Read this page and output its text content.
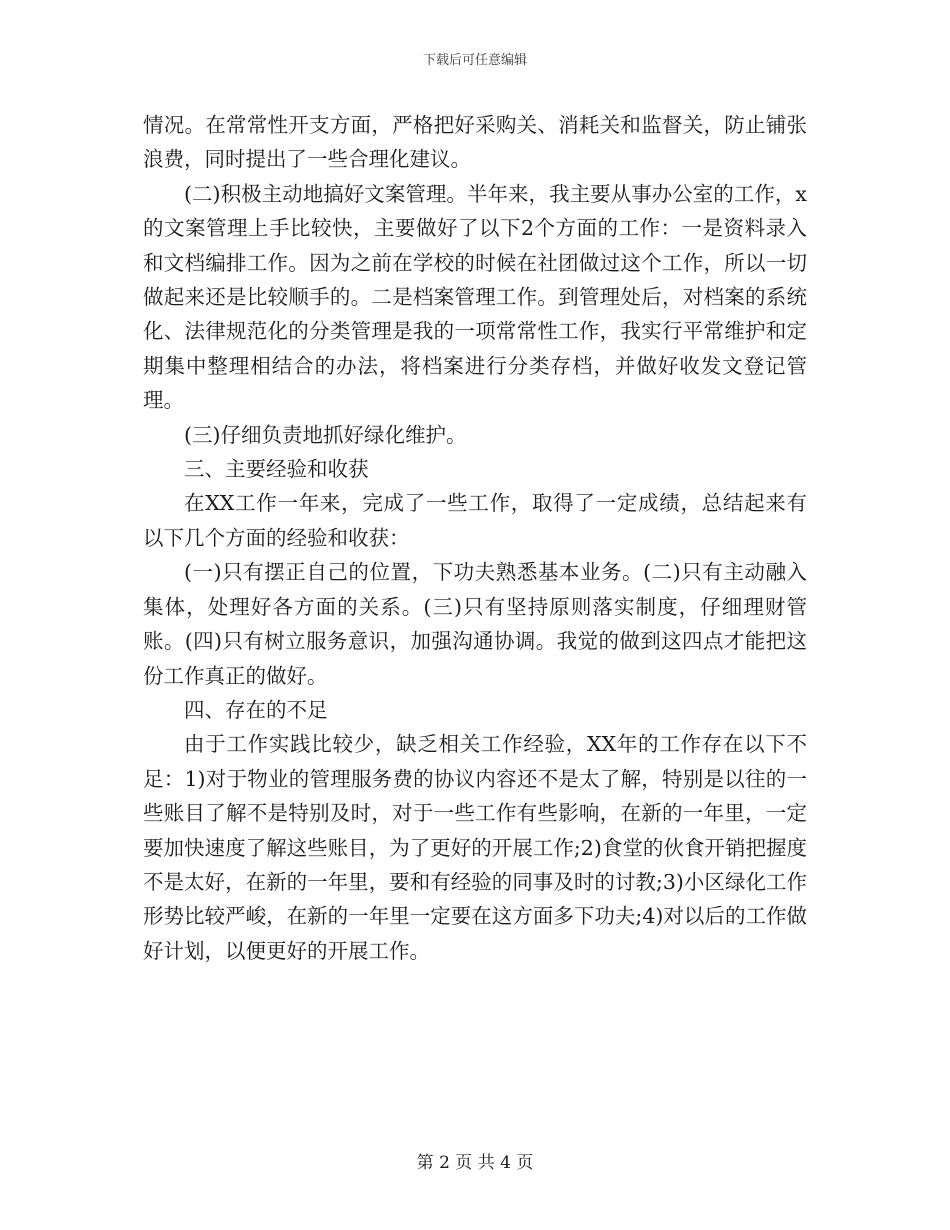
下载后可任意编辑

情况。在常常性开支方面，严格把好采购关、消耗关和监督关，防止铺张浪费，同时提出了一些合理化建议。

(二)积极主动地搞好文案管理。半年来，我主要从事办公室的工作，x的文案管理上手比较快，主要做好了以下2个方面的工作：一是资料录入和文档编排工作。因为之前在学校的时候在社团做过这个工作，所以一切做起来还是比较顺手的。二是档案管理工作。到管理处后，对档案的系统化、法律规范化的分类管理是我的一项常常性工作，我实行平常维护和定期集中整理相结合的办法，将档案进行分类存档，并做好收发文登记管理。

(三)仔细负责地抓好绿化维护。

三、主要经验和收获

在XX工作一年来，完成了一些工作，取得了一定成绩，总结起来有以下几个方面的经验和收获：

(一)只有摆正自己的位置，下功夫熟悉基本业务。(二)只有主动融入集体，处理好各方面的关系。(三)只有坚持原则落实制度，仔细理财管账。(四)只有树立服务意识，加强沟通协调。我觉的做到这四点才能把这份工作真正的做好。

四、存在的不足

由于工作实践比较少，缺乏相关工作经验，XX年的工作存在以下不足：1)对于物业的管理服务费的协议内容还不是太了解，特别是以往的一些账目了解不是特别及时，对于一些工作有些影响，在新的一年里，一定要加快速度了解这些账目，为了更好的开展工作;2)食堂的伙食开销把握度不是太好，在新的一年里，要和有经验的同事及时的讨教;3)小区绿化工作形势比较严峻，在新的一年里一定要在这方面多下功夫;4)对以后的工作做好计划，以便更好的开展工作。

第 2 页 共 4 页
